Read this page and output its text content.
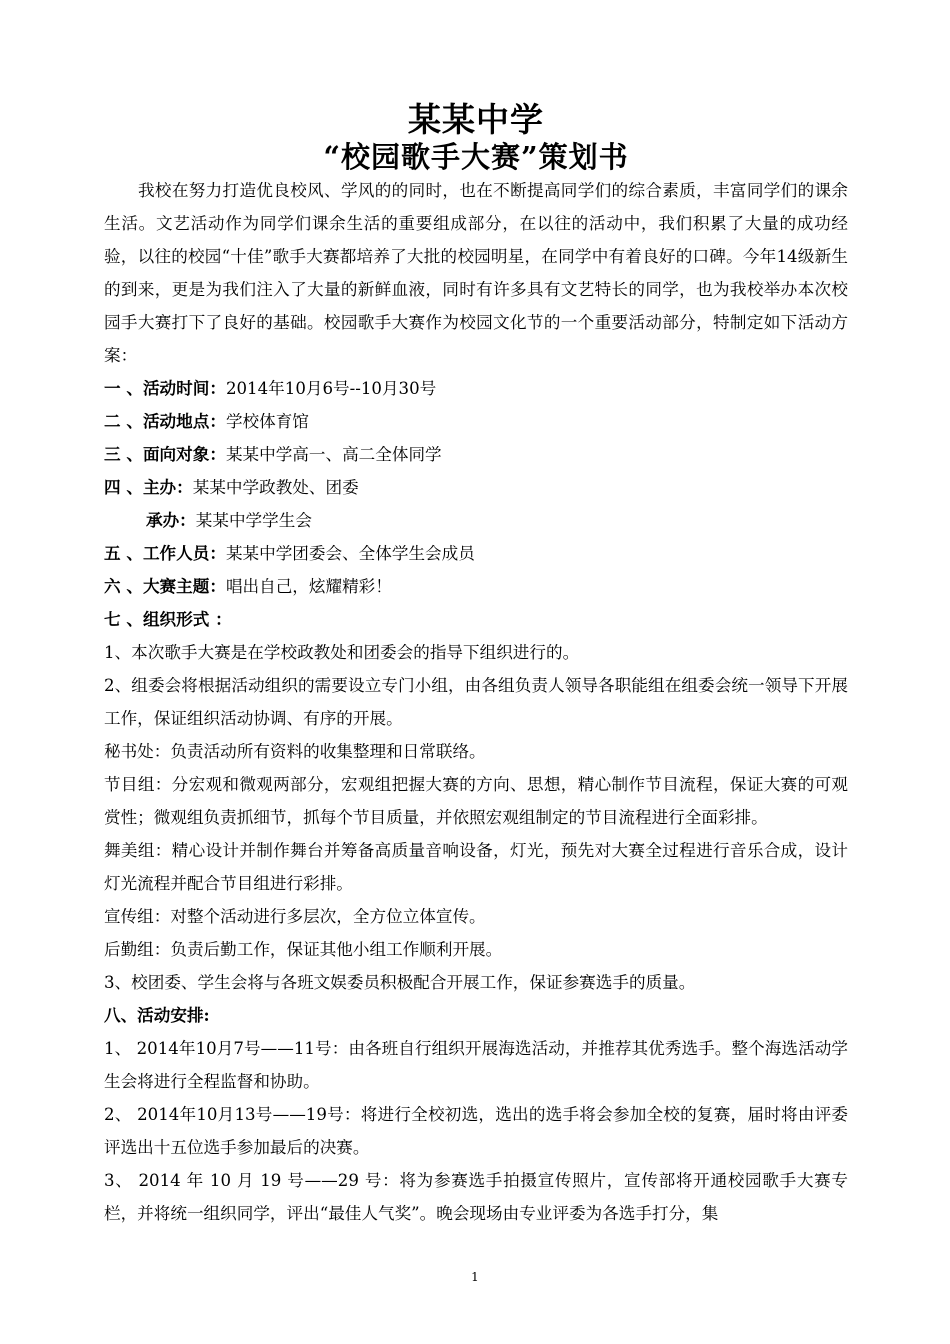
某某中学
“校园歌手大赛”策划书

我校在努力打造优良校风、学风的的同时，也在不断提高同学们的综合素质，丰富同学们的课余生活。文艺活动作为同学们课余生活的重要组成部分，在以往的活动中，我们积累了大量的成功经验，以往的校园“十佳”歌手大赛都培养了大批的校园明星，在同学中有着良好的口碑。今年14级新生的到来，更是为我们注入了大量的新鲜血液，同时有许多具有文艺特长的同学，也为我校举办本次校园手大赛打下了良好的基础。校园歌手大赛作为校园文化节的一个重要活动部分，特制定如下活动方案：

一 、活动时间：2014年10月6号--10月30号
二 、活动地点：学校体育馆
三 、面向对象：某某中学高一、高二全体同学
四 、主办：某某中学政教处、团委
承办：某某中学学生会
五 、工作人员：某某中学团委会、全体学生会成员
六 、大赛主题：唱出自己，炫耀精彩！
七 、组织形式 ：

1、本次歌手大赛是在学校政教处和团委会的指导下组织进行的。

2、组委会将根据活动组织的需要设立专门小组，由各组负责人领导各职能组在组委会统一领导下开展工作，保证组织活动协调、有序的开展。

秘书处：负责活动所有资料的收集整理和日常联络。

节目组：分宏观和微观两部分，宏观组把握大赛的方向、思想，精心制作节目流程，保证大赛的可观赏性；微观组负责抓细节，抓每个节目质量，并依照宏观组制定的节目流程进行全面彩排。

舞美组：精心设计并制作舞台并筹备高质量音响设备，灯光，预先对大赛全过程进行音乐合成，设计灯光流程并配合节目组进行彩排。

宣传组：对整个活动进行多层次，全方位立体宣传。

后勤组：负责后勤工作，保证其他小组工作顺利开展。

3、校团委、学生会将与各班文娱委员积极配合开展工作，保证参赛选手的质量。

八、活动安排:

1、 2014年10月7号——11号：由各班自行组织开展海选活动，并推荐其优秀选手。整个海选活动学生会将进行全程监督和协助。

2、 2014年10月13号——19号：将进行全校初选，选出的选手将会参加全校的复赛，届时将由评委评选出十五位选手参加最后的决赛。

3、 2014 年 10 月 19 号——29 号：将为参赛选手拍摄宣传照片，宣传部将开通校园歌手大赛专栏，并将统一组织同学，评出“最佳人气奖”。晚会现场由专业评委为各选手打分，集

1
